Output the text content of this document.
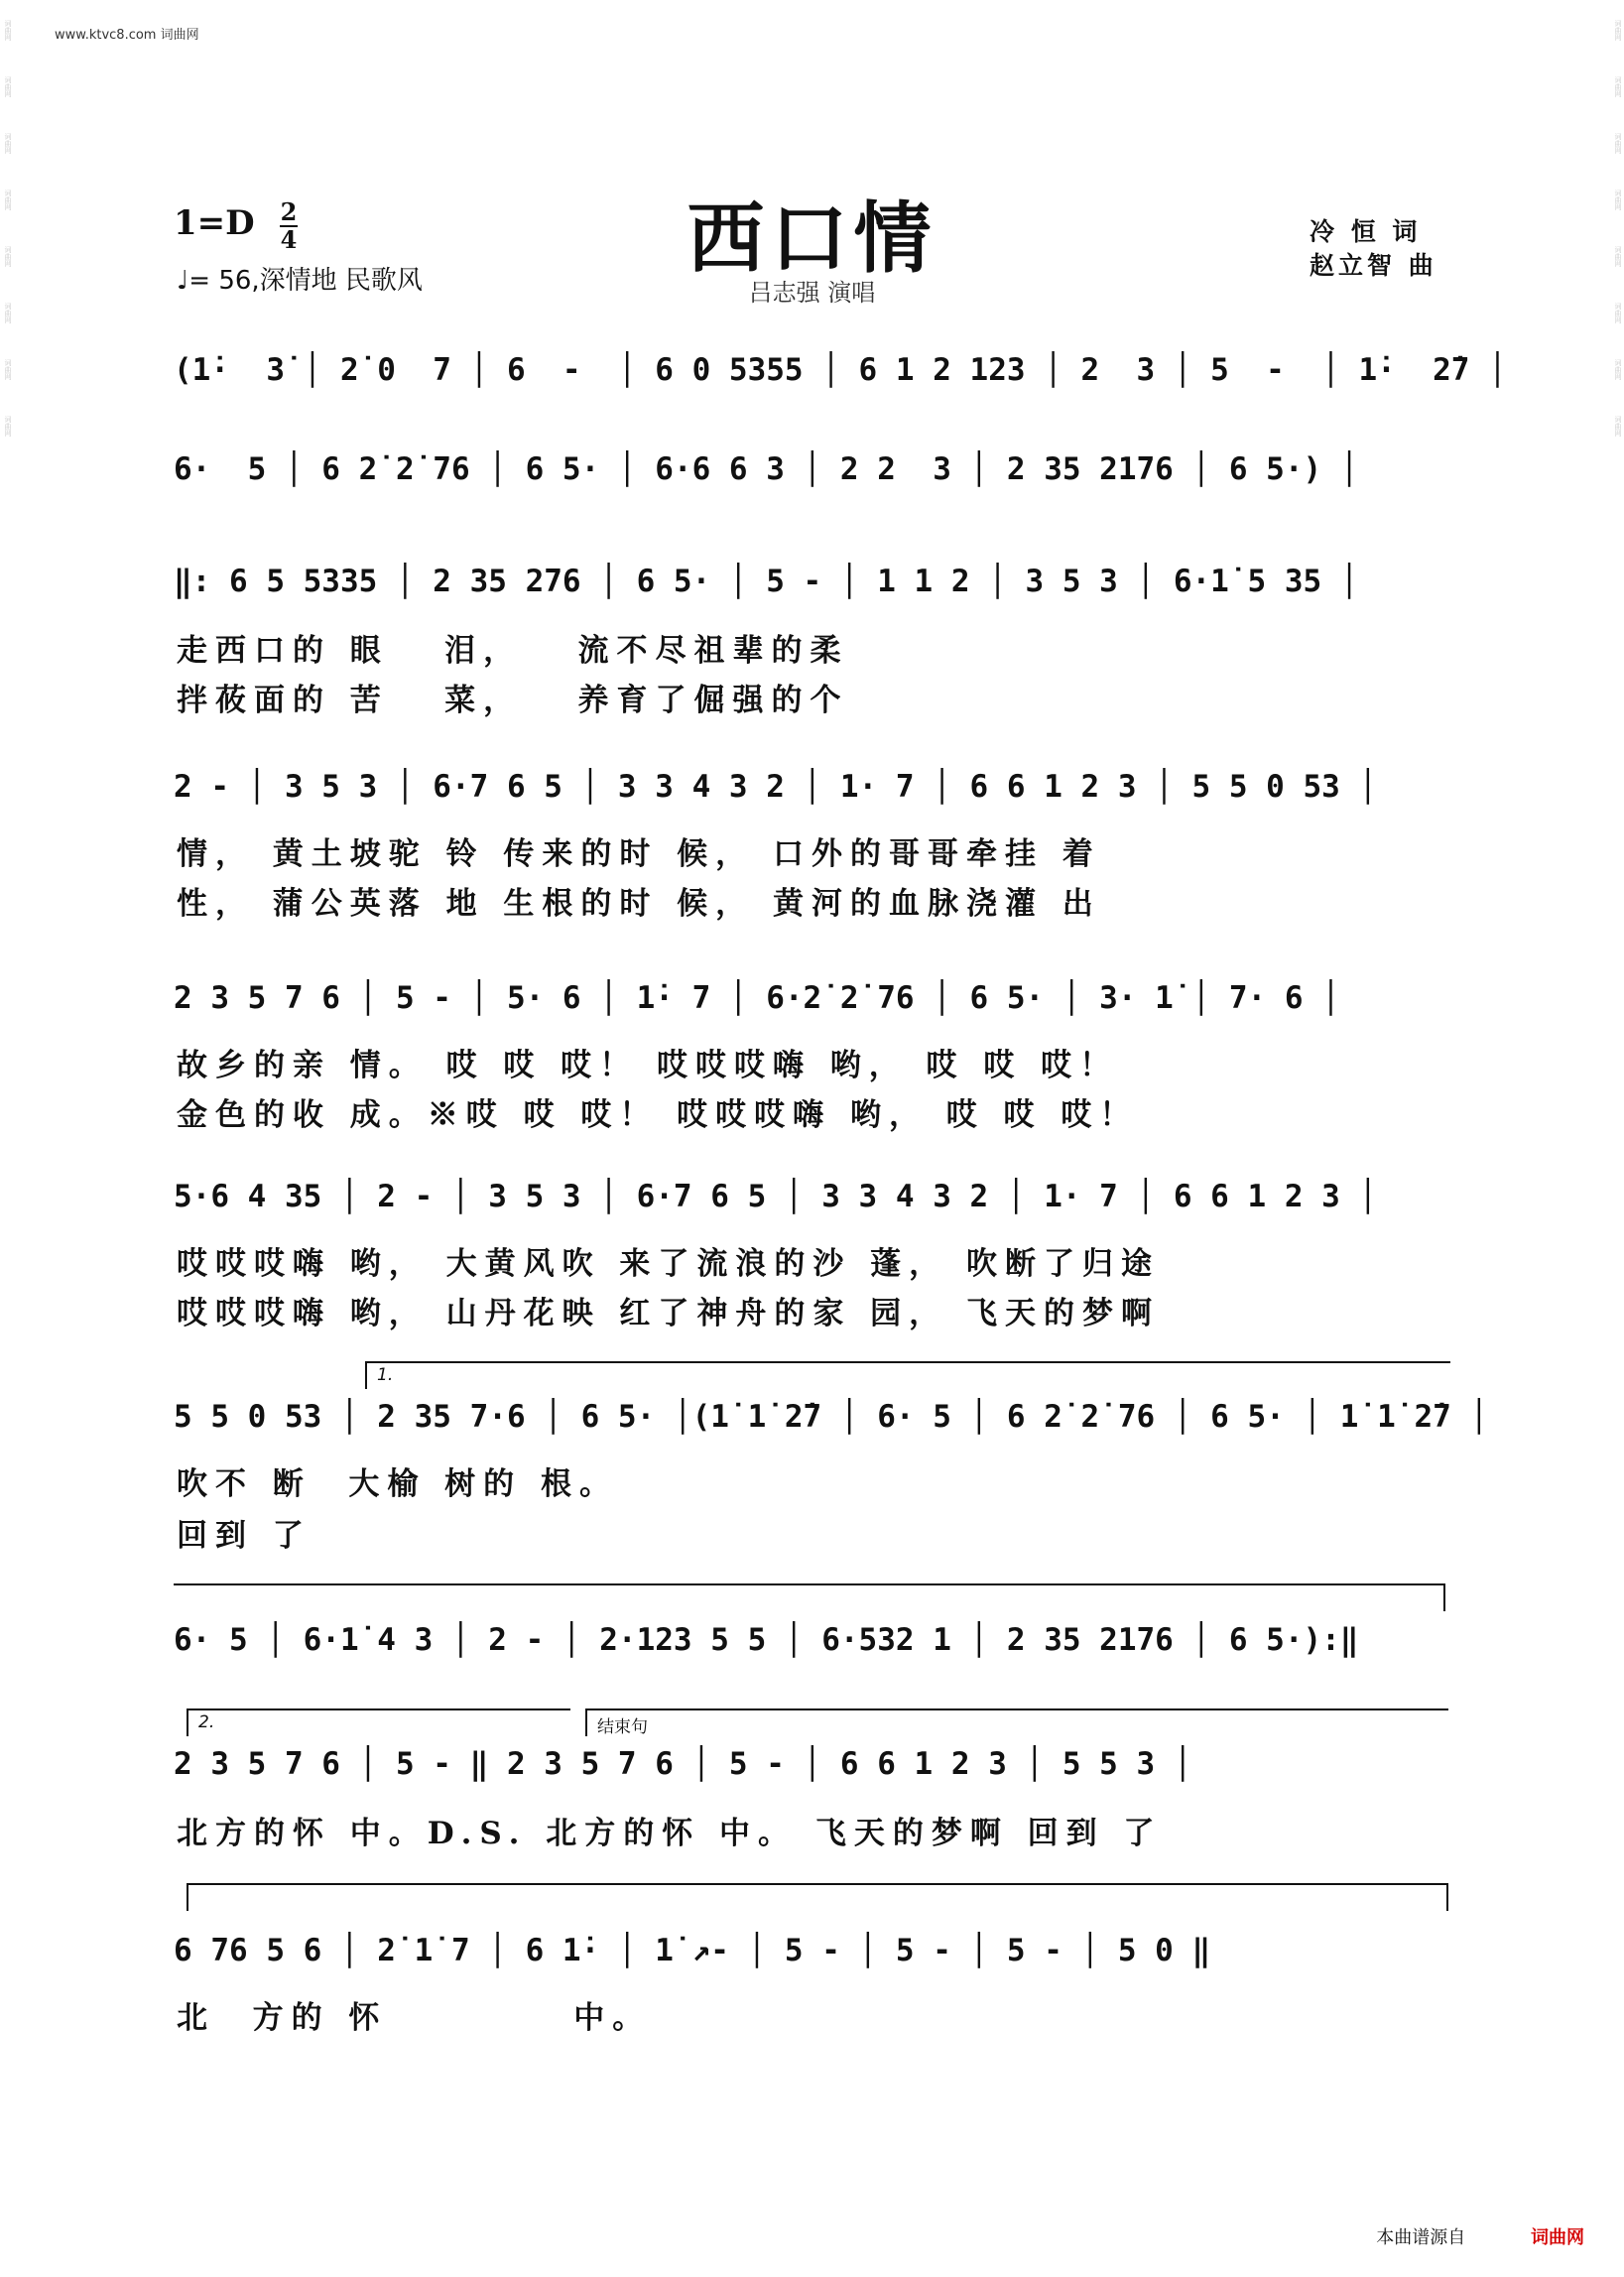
词曲网
词曲网
词曲网
词曲网
词曲网
词曲网
词曲网
词曲网
词曲网
词曲网
词曲网
词曲网
词曲网
词曲网
词曲网
词曲网
www.ktvc8.com 词曲网
1=D 2
4
♩= 56,深情地 民歌风	西口情
吕志强 演唱
冷 恒 词
赵立智 曲
(1̇·  3̇ │ 2̇ 0  7 │ 6  -  │ 6 0 5355 │ 6 1 2 123 │ 2  3 │ 5  -  │ 1̇·  2̇7 │
6·  5 │ 6 2̇ 2̇ 76 │ 6 5· │ 6·6 6 3 │ 2 2  3 │ 2 35 2176 │ 6 5·) │
‖: 6 5 5335 │ 2 35 276 │ 6 5· │ 5 - │ 1 1 2 │ 3 5 3 │ 6·1̇ 5 35 │
走西口的 眼   泪，   流不尽祖辈的柔
拌莜面的 苦   菜，   养育了倔强的个
2 - │ 3 5 3 │ 6·7 6 5 │ 3 3 4 3 2 │ 1· 7 │ 6 6 1 2 3 │ 5 5 0 53 │
情， 黄土坡驼 铃 传来的时 候， 口外的哥哥牵挂 着
性， 蒲公英落 地 生根的时 候， 黄河的血脉浇灌 出
2 3 5 7 6 │ 5 - │ 5· 6 │ 1̇· 7 │ 6·2̇ 2̇ 76 │ 6 5· │ 3· 1̇ │ 7· 6 │
故乡的亲 情。 哎 哎 哎！ 哎哎哎嗨 哟， 哎 哎 哎！
金色的收 成。※哎 哎 哎！ 哎哎哎嗨 哟， 哎 哎 哎！
5·6 4 35 │ 2 - │ 3 5 3 │ 6·7 6 5 │ 3 3 4 3 2 │ 1· 7 │ 6 6 1 2 3 │
哎哎哎嗨 哟， 大黄风吹 来了流浪的沙 蓬， 吹断了归途
哎哎哎嗨 哟， 山丹花映 红了神舟的家 园， 飞天的梦啊
1.
5 5 0 53 │ 2 35 7·6 │ 6 5· │(1̇ 1̇ 2̇7 │ 6· 5 │ 6 2̇ 2̇ 76 │ 6 5· │ 1̇ 1̇ 2̇7 │
吹不 断  大榆 树的 根。
回到 了
6· 5 │ 6·1̇ 4 3 │ 2 - │ 2·123 5 5 │ 6·532 1 │ 2 35 2176 │ 6 5·):‖
2.	结束句
2 3 5 7 6 │ 5 - ‖ 2 3 5 7 6 │ 5 - │ 6 6 1 2 3 │ 5 5 3 │
北方的怀 中。D.S. 北方的怀 中。 飞天的梦啊 回到 了
6 76 5 6 │ 2̇ 1̇ 7 │ 6 1̇· │ 1̇ ↗- │ 5 - │ 5 - │ 5 - │ 5 0 ‖
北  方的 怀          中。
本曲谱源自	词曲网
